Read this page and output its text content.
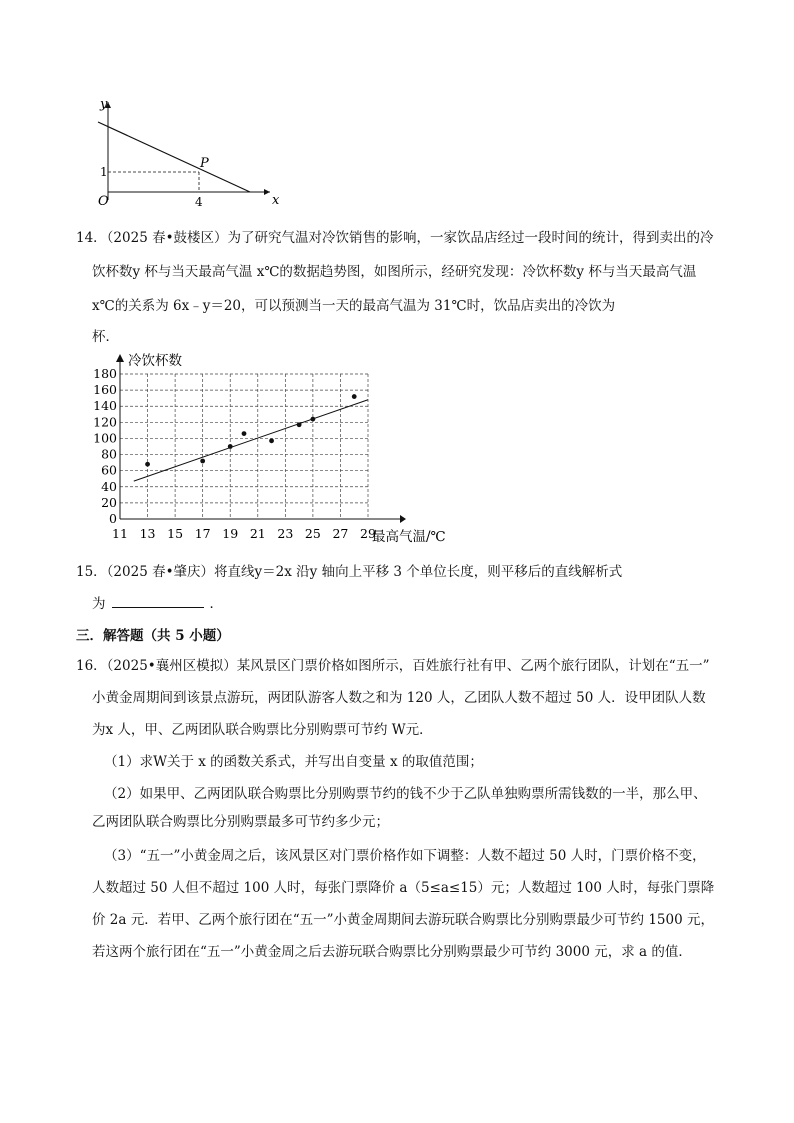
y
x
O
1
4
P
14．（2025 春•鼓楼区）为了研究气温对冷饮销售的影响，一家饮品店经过一段时间的统计，得到卖出的冷
饮杯数y 杯与当天最高气温 x℃的数据趋势图，如图所示，经研究发现：冷饮杯数y 杯与当天最高气温
x℃的关系为 6x﹣y＝20，可以预测当一天的最高气温为 31℃时，饮品店卖出的冷饮为
杯．
11 13 15 17 19 21 23 25 27 29
0
20
40
60
80
100
120
140
160
180
冷饮杯数
最高气温/℃
15．（2025 春•肇庆）将直线y＝2x 沿y 轴向上平移 3 个单位长度，则平移后的直线解析式
为	．
三．解答题（共 5 小题）
16．（2025•襄州区模拟）某风景区门票价格如图所示，百姓旅行社有甲、乙两个旅行团队，计划在“五一”
小黄金周期间到该景点游玩，两团队游客人数之和为 120 人，乙团队人数不超过 50 人．设甲团队人数
为x 人，甲、乙两团队联合购票比分别购票可节约 W元．
（1）求W关于 x 的函数关系式，并写出自变量 x 的取值范围；
（2）如果甲、乙两团队联合购票比分别购票节约的钱不少于乙队单独购票所需钱数的一半，那么甲、
乙两团队联合购票比分别购票最多可节约多少元；
（3）“五一”小黄金周之后，该风景区对门票价格作如下调整：人数不超过 50 人时，门票价格不变，
人数超过 50 人但不超过 100 人时，每张门票降价 a（5≤a≤15）元；人数超过 100 人时，每张门票降
价 2a 元．若甲、乙两个旅行团在“五一”小黄金周期间去游玩联合购票比分别购票最少可节约 1500 元，
若这两个旅行团在“五一”小黄金周之后去游玩联合购票比分别购票最少可节约 3000 元，求 a 的值．
